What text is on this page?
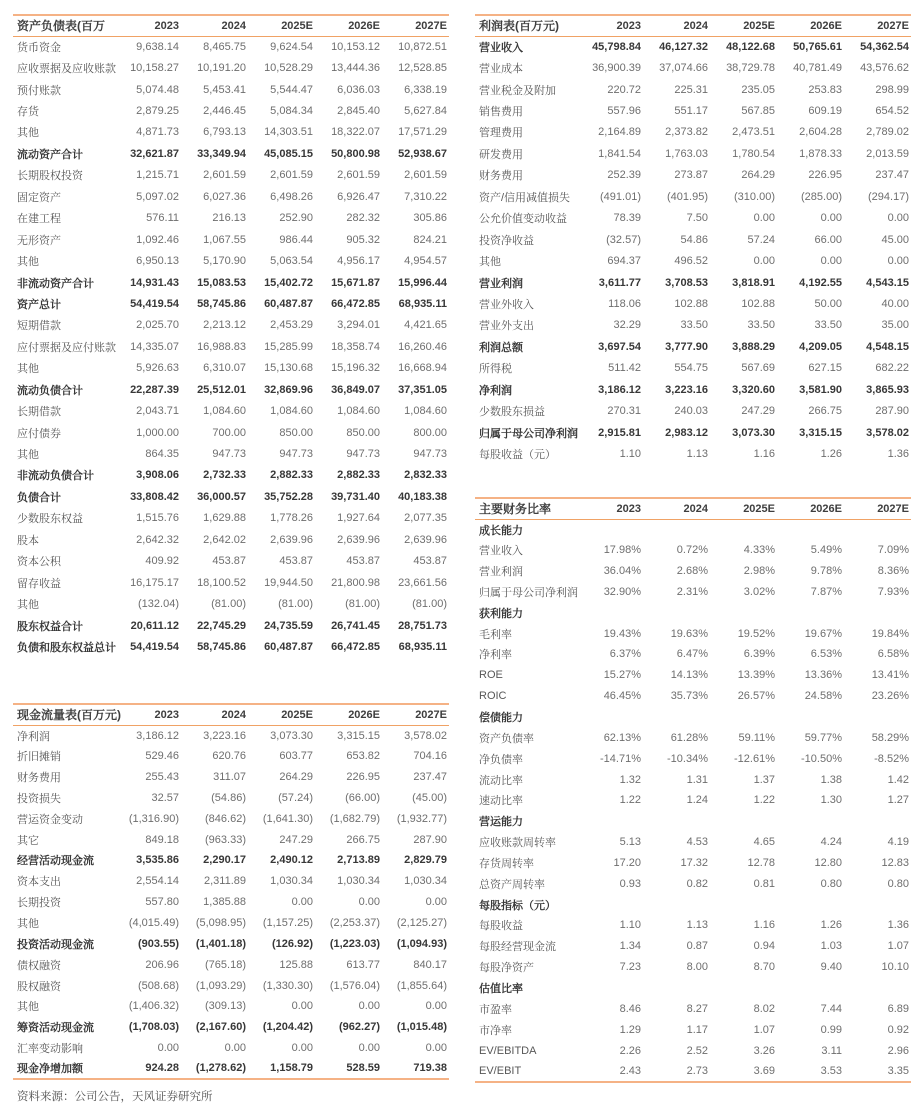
资产负债表(百万	2023	2024	2025E	2026E	2027E
货币资金	9,638.14	8,465.75	9,624.54	10,153.12	10,872.51
应收票据及应收账款	10,158.27	10,191.20	10,528.29	13,444.36	12,528.85
预付账款	5,074.48	5,453.41	5,544.47	6,036.03	6,338.19
存货	2,879.25	2,446.45	5,084.34	2,845.40	5,627.84
其他	4,871.73	6,793.13	14,303.51	18,322.07	17,571.29
流动资产合计	32,621.87	33,349.94	45,085.15	50,800.98	52,938.67
长期股权投资	1,215.71	2,601.59	2,601.59	2,601.59	2,601.59
固定资产	5,097.02	6,027.36	6,498.26	6,926.47	7,310.22
在建工程	576.11	216.13	252.90	282.32	305.86
无形资产	1,092.46	1,067.55	986.44	905.32	824.21
其他	6,950.13	5,170.90	5,063.54	4,956.17	4,954.57
非流动资产合计	14,931.43	15,083.53	15,402.72	15,671.87	15,996.44
资产总计	54,419.54	58,745.86	60,487.87	66,472.85	68,935.11
短期借款	2,025.70	2,213.12	2,453.29	3,294.01	4,421.65
应付票据及应付账款	14,335.07	16,988.83	15,285.99	18,358.74	16,260.46
其他	5,926.63	6,310.07	15,130.68	15,196.32	16,668.94
流动负债合计	22,287.39	25,512.01	32,869.96	36,849.07	37,351.05
长期借款	2,043.71	1,084.60	1,084.60	1,084.60	1,084.60
应付债券	1,000.00	700.00	850.00	850.00	800.00
其他	864.35	947.73	947.73	947.73	947.73
非流动负债合计	3,908.06	2,732.33	2,882.33	2,882.33	2,832.33
负债合计	33,808.42	36,000.57	35,752.28	39,731.40	40,183.38
少数股东权益	1,515.76	1,629.88	1,778.26	1,927.64	2,077.35
股本	2,642.32	2,642.02	2,639.96	2,639.96	2,639.96
资本公积	409.92	453.87	453.87	453.87	453.87
留存收益	16,175.17	18,100.52	19,944.50	21,800.98	23,661.56
其他	(132.04)	(81.00)	(81.00)	(81.00)	(81.00)
股东权益合计	20,611.12	22,745.29	24,735.59	26,741.45	28,751.73
负债和股东权益总计	54,419.54	58,745.86	60,487.87	66,472.85	68,935.11
现金流量表(百万元)	2023	2024	2025E	2026E	2027E
净利润	3,186.12	3,223.16	3,073.30	3,315.15	3,578.02
折旧摊销	529.46	620.76	603.77	653.82	704.16
财务费用	255.43	311.07	264.29	226.95	237.47
投资损失	32.57	(54.86)	(57.24)	(66.00)	(45.00)
营运资金变动	(1,316.90)	(846.62)	(1,641.30)	(1,682.79)	(1,932.77)
其它	849.18	(963.33)	247.29	266.75	287.90
经营活动现金流	3,535.86	2,290.17	2,490.12	2,713.89	2,829.79
资本支出	2,554.14	2,311.89	1,030.34	1,030.34	1,030.34
长期投资	557.80	1,385.88	0.00	0.00	0.00
其他	(4,015.49)	(5,098.95)	(1,157.25)	(2,253.37)	(2,125.27)
投资活动现金流	(903.55)	(1,401.18)	(126.92)	(1,223.03)	(1,094.93)
债权融资	206.96	(765.18)	125.88	613.77	840.17
股权融资	(508.68)	(1,093.29)	(1,330.30)	(1,576.04)	(1,855.64)
其他	(1,406.32)	(309.13)	0.00	0.00	0.00
筹资活动现金流	(1,708.03)	(2,167.60)	(1,204.42)	(962.27)	(1,015.48)
汇率变动影响	0.00	0.00	0.00	0.00	0.00
现金净增加额	924.28	(1,278.62)	1,158.79	528.59	719.38
利润表(百万元)	2023	2024	2025E	2026E	2027E
营业收入	45,798.84	46,127.32	48,122.68	50,765.61	54,362.54
营业成本	36,900.39	37,074.66	38,729.78	40,781.49	43,576.62
营业税金及附加	220.72	225.31	235.05	253.83	298.99
销售费用	557.96	551.17	567.85	609.19	654.52
管理费用	2,164.89	2,373.82	2,473.51	2,604.28	2,789.02
研发费用	1,841.54	1,763.03	1,780.54	1,878.33	2,013.59
财务费用	252.39	273.87	264.29	226.95	237.47
资产/信用减值损失	(491.01)	(401.95)	(310.00)	(285.00)	(294.17)
公允价值变动收益	78.39	7.50	0.00	0.00	0.00
投资净收益	(32.57)	54.86	57.24	66.00	45.00
其他	694.37	496.52	0.00	0.00	0.00
营业利润	3,611.77	3,708.53	3,818.91	4,192.55	4,543.15
营业外收入	118.06	102.88	102.88	50.00	40.00
营业外支出	32.29	33.50	33.50	33.50	35.00
利润总额	3,697.54	3,777.90	3,888.29	4,209.05	4,548.15
所得税	511.42	554.75	567.69	627.15	682.22
净利润	3,186.12	3,223.16	3,320.60	3,581.90	3,865.93
少数股东损益	270.31	240.03	247.29	266.75	287.90
归属于母公司净利润	2,915.81	2,983.12	3,073.30	3,315.15	3,578.02
每股收益（元）	1.10	1.13	1.16	1.26	1.36
主要财务比率	2023	2024	2025E	2026E	2027E
成长能力					
营业收入	17.98%	0.72%	4.33%	5.49%	7.09%
营业利润	36.04%	2.68%	2.98%	9.78%	8.36%
归属于母公司净利润	32.90%	2.31%	3.02%	7.87%	7.93%
获利能力					
毛利率	19.43%	19.63%	19.52%	19.67%	19.84%
净利率	6.37%	6.47%	6.39%	6.53%	6.58%
ROE	15.27%	14.13%	13.39%	13.36%	13.41%
ROIC	46.45%	35.73%	26.57%	24.58%	23.26%
偿债能力					
资产负债率	62.13%	61.28%	59.11%	59.77%	58.29%
净负债率	-14.71%	-10.34%	-12.61%	-10.50%	-8.52%
流动比率	1.32	1.31	1.37	1.38	1.42
速动比率	1.22	1.24	1.22	1.30	1.27
营运能力					
应收账款周转率	5.13	4.53	4.65	4.24	4.19
存货周转率	17.20	17.32	12.78	12.80	12.83
总资产周转率	0.93	0.82	0.81	0.80	0.80
每股指标（元）					
每股收益	1.10	1.13	1.16	1.26	1.36
每股经营现金流	1.34	0.87	0.94	1.03	1.07
每股净资产	7.23	8.00	8.70	9.40	10.10
估值比率					
市盈率	8.46	8.27	8.02	7.44	6.89
市净率	1.29	1.17	1.07	0.99	0.92
EV/EBITDA	2.26	2.52	3.26	3.11	2.96
EV/EBIT	2.43	2.73	3.69	3.53	3.35
资料来源：公司公告，天风证券研究所
